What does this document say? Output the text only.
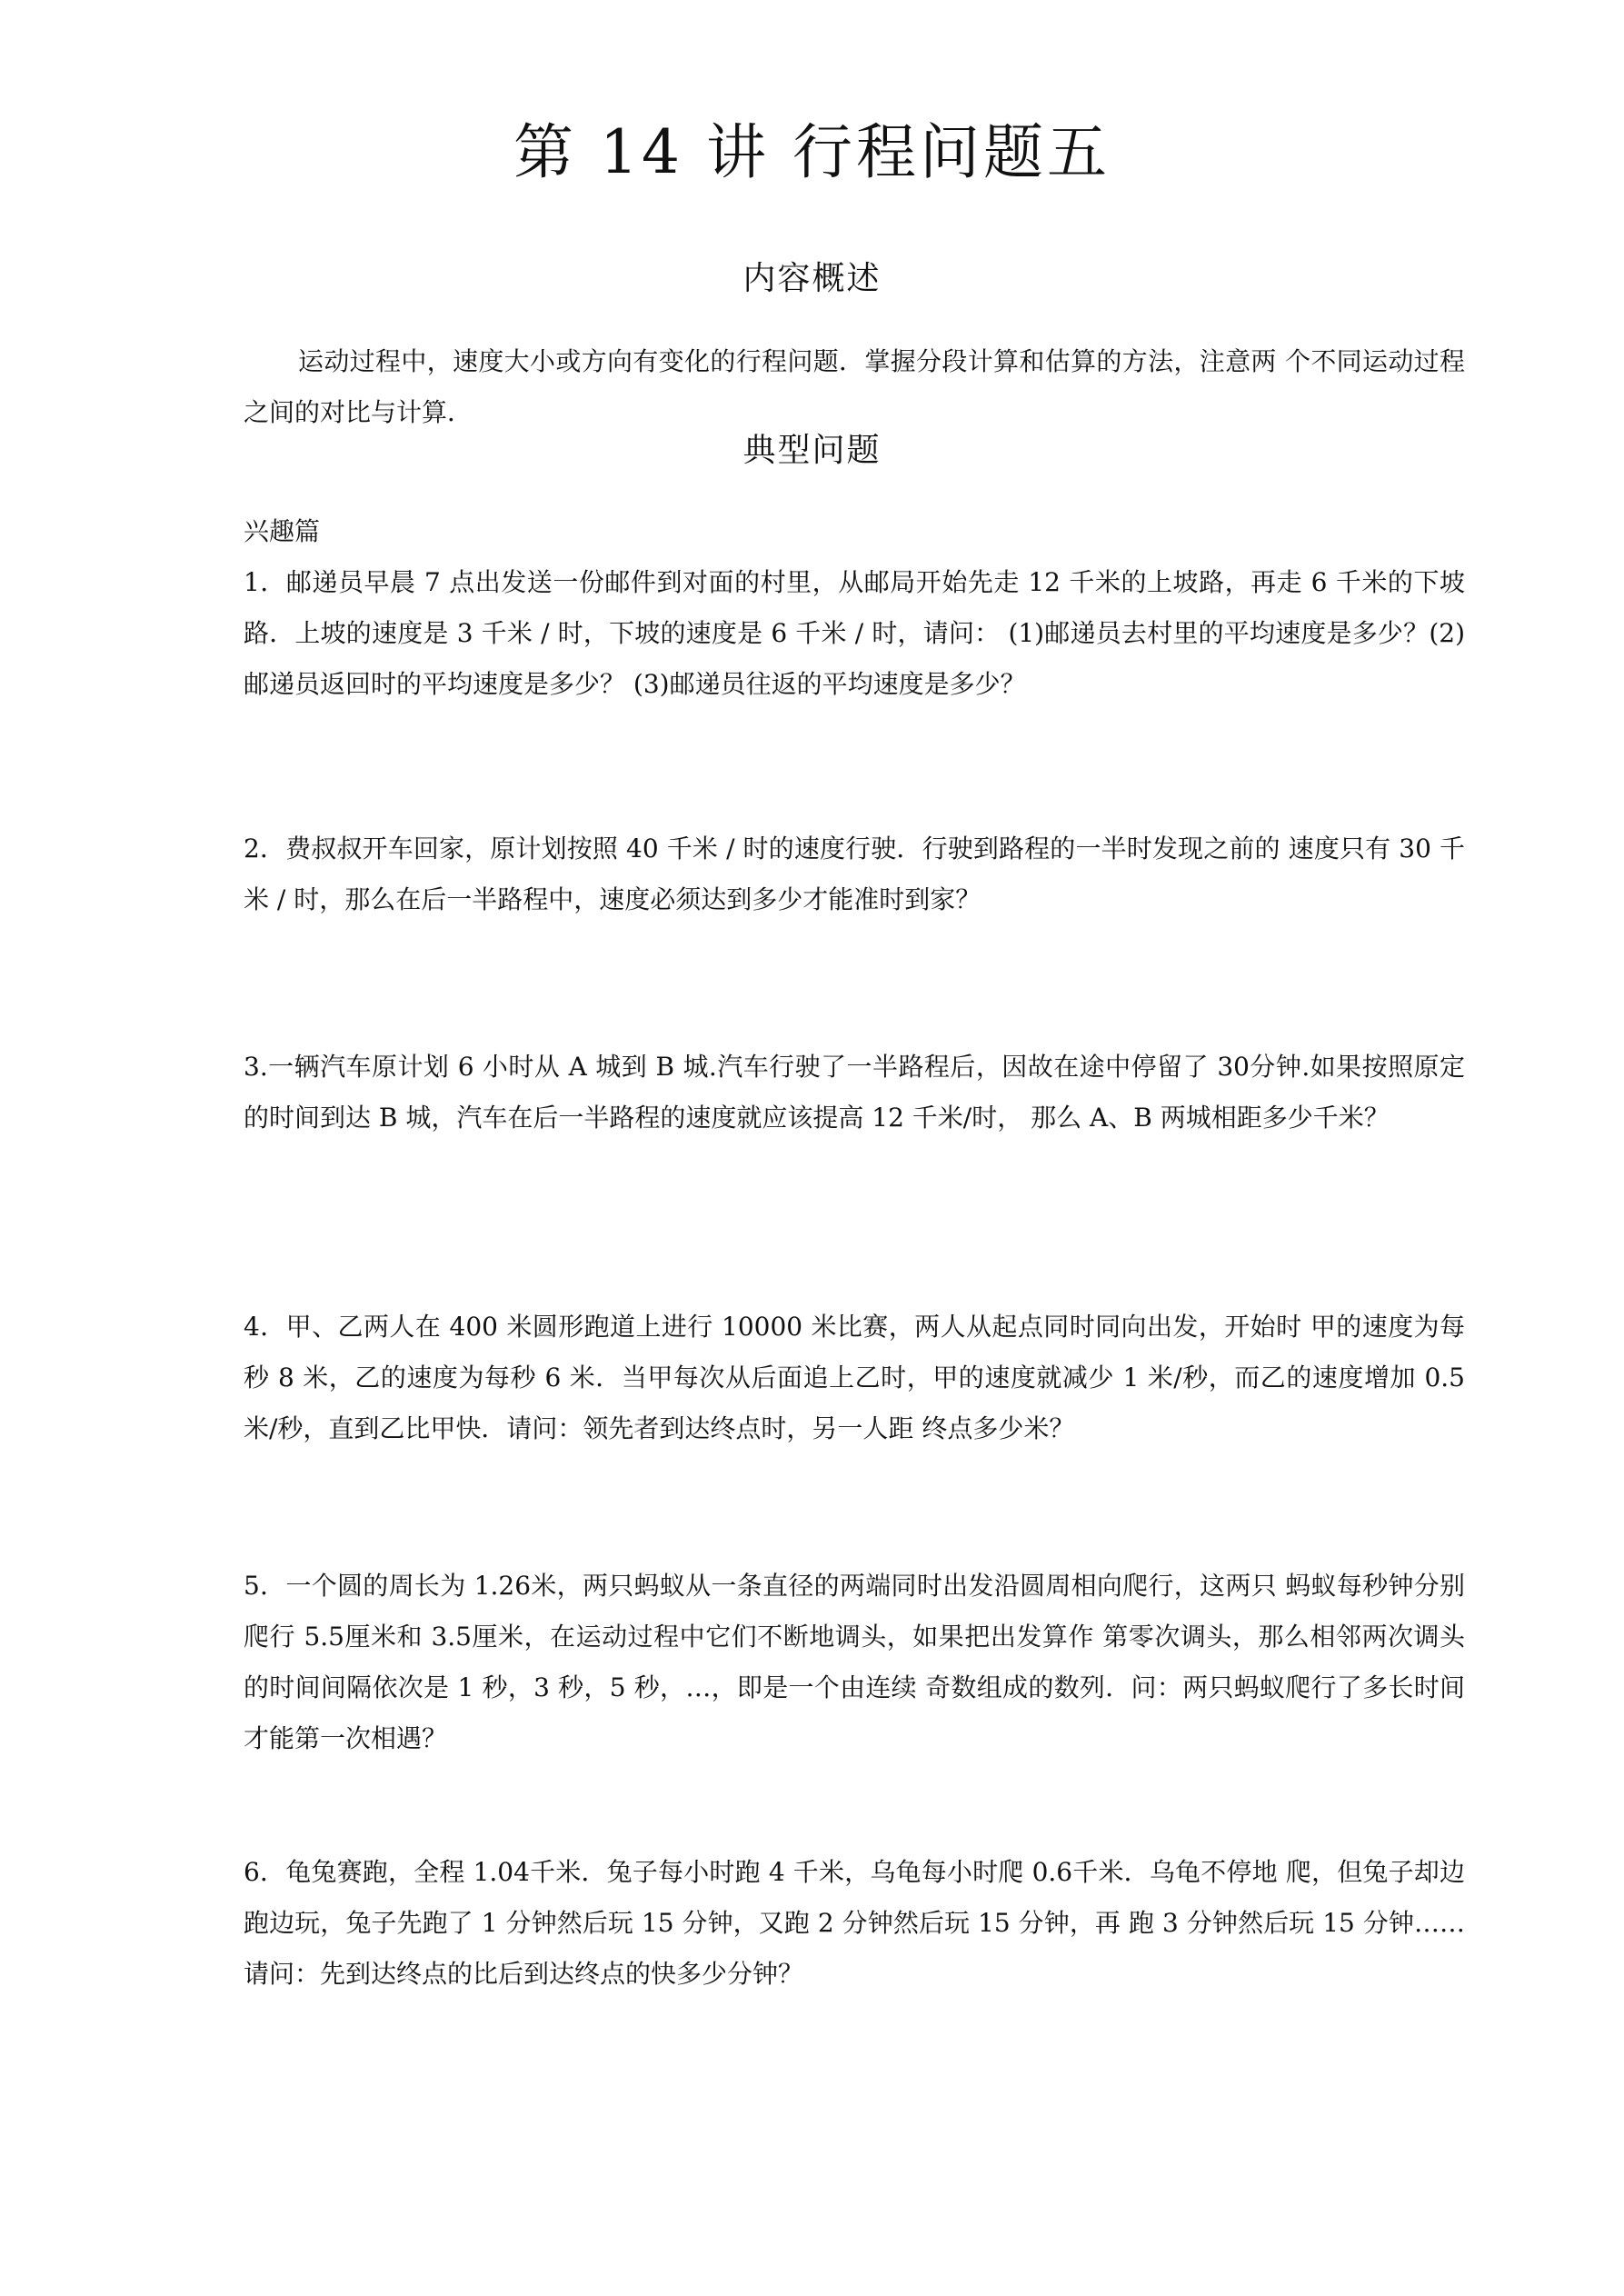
第 14 讲 行程问题五
内容概述

运动过程中，速度大小或方向有变化的行程问题．掌握分段计算和估算的方法，注意两 个不同运动过程之间的对比与计算．

典型问题

兴趣篇

1．邮递员早晨 7 点出发送一份邮件到对面的村里，从邮局开始先走 12 千米的上坡路，再走 6 千米的下坡路．上坡的速度是 3 千米 / 时，下坡的速度是 6 千米 / 时，请问： (1)邮递员去村里的平均速度是多少？(2)邮递员返回时的平均速度是多少？ (3)邮递员往返的平均速度是多少？

2．费叔叔开车回家，原计划按照 40 千米 / 时的速度行驶．行驶到路程的一半时发现之前的 速度只有 30 千米 / 时，那么在后一半路程中，速度必须达到多少才能准时到家？

3.一辆汽车原计划 6 小时从 A 城到 B 城.汽车行驶了一半路程后，因故在途中停留了 30分钟.如果按照原定的时间到达 B 城，汽车在后一半路程的速度就应该提高 12 千米/时， 那么 A、B 两城相距多少千米？

4．甲、乙两人在 400 米圆形跑道上进行 10000 米比赛，两人从起点同时同向出发，开始时 甲的速度为每秒 8 米，乙的速度为每秒 6 米．当甲每次从后面追上乙时，甲的速度就减少 1 米/秒，而乙的速度增加 0.5米/秒，直到乙比甲快．请问：领先者到达终点时，另一人距 终点多少米？

5．一个圆的周长为 1.26米，两只蚂蚁从一条直径的两端同时出发沿圆周相向爬行，这两只 蚂蚁每秒钟分别爬行 5.5厘米和 3.5厘米，在运动过程中它们不断地调头，如果把出发算作 第零次调头，那么相邻两次调头的时间间隔依次是 1 秒，3 秒，5 秒，…，即是一个由连续 奇数组成的数列．问：两只蚂蚁爬行了多长时间才能第一次相遇？

6．龟兔赛跑，全程 1.04千米．兔子每小时跑 4 千米，乌龟每小时爬 0.6千米．乌龟不停地 爬，但兔子却边跑边玩，兔子先跑了 1 分钟然后玩 15 分钟，又跑 2 分钟然后玩 15 分钟，再 跑 3 分钟然后玩 15 分钟……请问：先到达终点的比后到达终点的快多少分钟？
